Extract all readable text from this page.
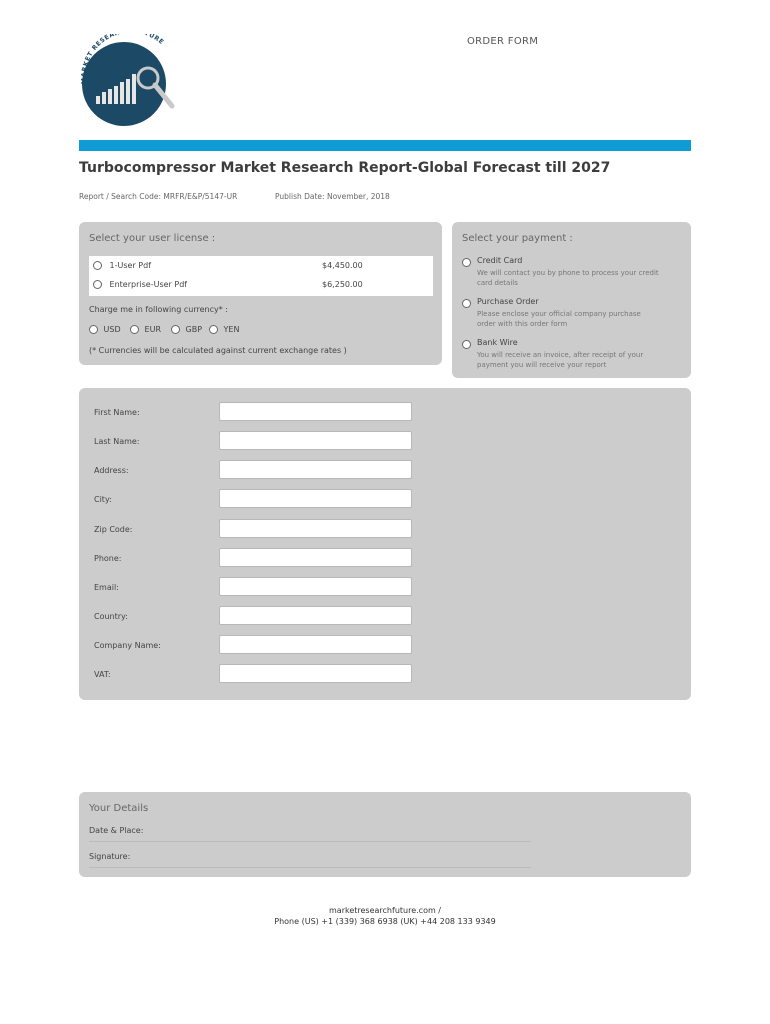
MARKET RESEA URE	ORDER FORM
Turbocompressor Market Research Report-Global Forecast till 2027
Report / Search Code: MRFR/E&P/5147-UR	Publish Date: November, 2018
Select your user license :
1-User Pdf	$4,450.00
Enterprise-User Pdf	$6,250.00
Charge me in following currency* :
USD	EUR	GBP	YEN
(* Currencies will be calculated against current exchange rates )
Select your payment :
Credit Card
We will contact you by phone to process your credit
card details
Purchase Order
Please enclose your official company purchase
order with this order form
Bank Wire
You will receive an invoice, after receipt of your
payment you will receive your report
First Name:
Last Name:
Address:
City:
Zip Code:
Phone:
Email:
Country:
Company Name:
VAT:
Your Details
Date & Place:
Signature:
marketresearchfuture.com /
Phone (US) +1 (339) 368 6938 (UK) +44 208 133 9349
